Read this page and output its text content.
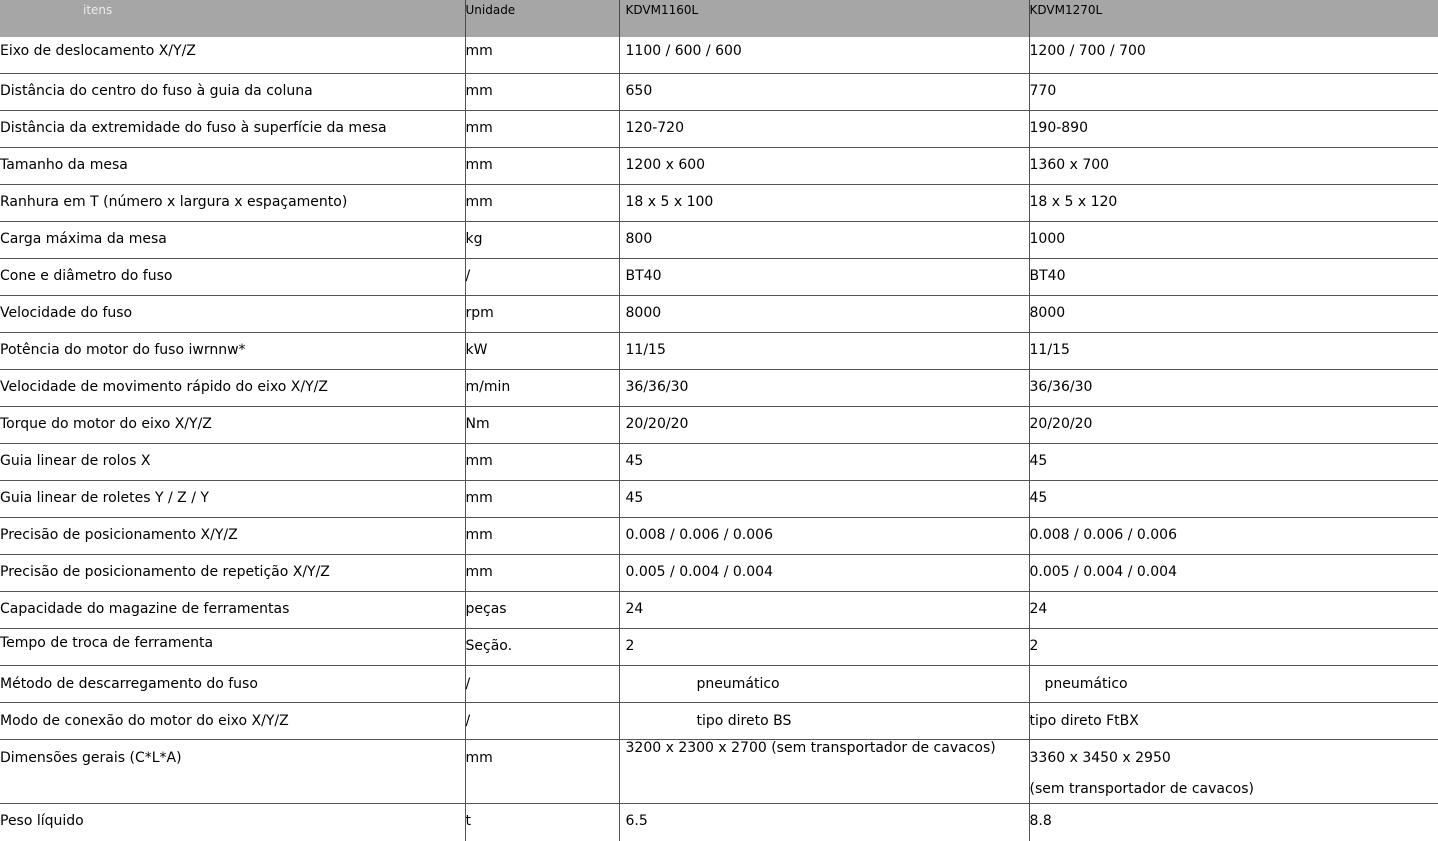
itens	Unidade	KDVM1160L	KDVM1270L

Eixo de deslocamento X/Y/Z	mm	1100 / 600 / 600	1200 / 700 / 700

Distância do centro do fuso à guia da coluna	mm	650	770

Distância da extremidade do fuso à superfície da mesa	mm	120-720	190-890

Tamanho da mesa	mm	1200 x 600	1360 x 700

Ranhura em T (número x largura x espaçamento)	mm	18 x 5 x 100	18 x 5 x 120

Carga máxima da mesa	kg	800	1000

Cone e diâmetro do fuso	/	BT40	BT40

Velocidade do fuso	rpm	8000	8000

Potência do motor do fuso iwrnnw*	kW	11/15	11/15

Velocidade de movimento rápido do eixo X/Y/Z	m/min	36/36/30	36/36/30

Torque do motor do eixo X/Y/Z	Nm	20/20/20	20/20/20

Guia linear de rolos X	mm	45	45

Guia linear de roletes Y / Z / Y	mm	45	45

Precisão de posicionamento X/Y/Z	mm	0.008 / 0.006 / 0.006	0.008 / 0.006 / 0.006

Precisão de posicionamento de repetição X/Y/Z	mm	0.005 / 0.004 / 0.004	0.005 / 0.004 / 0.004

Capacidade do magazine de ferramentas	peças	24	24

Tempo de troca de ferramenta	Seção.	2	2

Método de descarregamento do fuso	/	pneumático	pneumático

Modo de conexão do motor do eixo X/Y/Z	/	tipo direto BS	tipo direto FtBX

Dimensões gerais (C*L*A)	mm	3200 x 2300 x 2700 (sem transportador de cavacos)	3360 x 3450 x 2950
(sem transportador de cavacos)

Peso líquido	t	6.5	8.8
